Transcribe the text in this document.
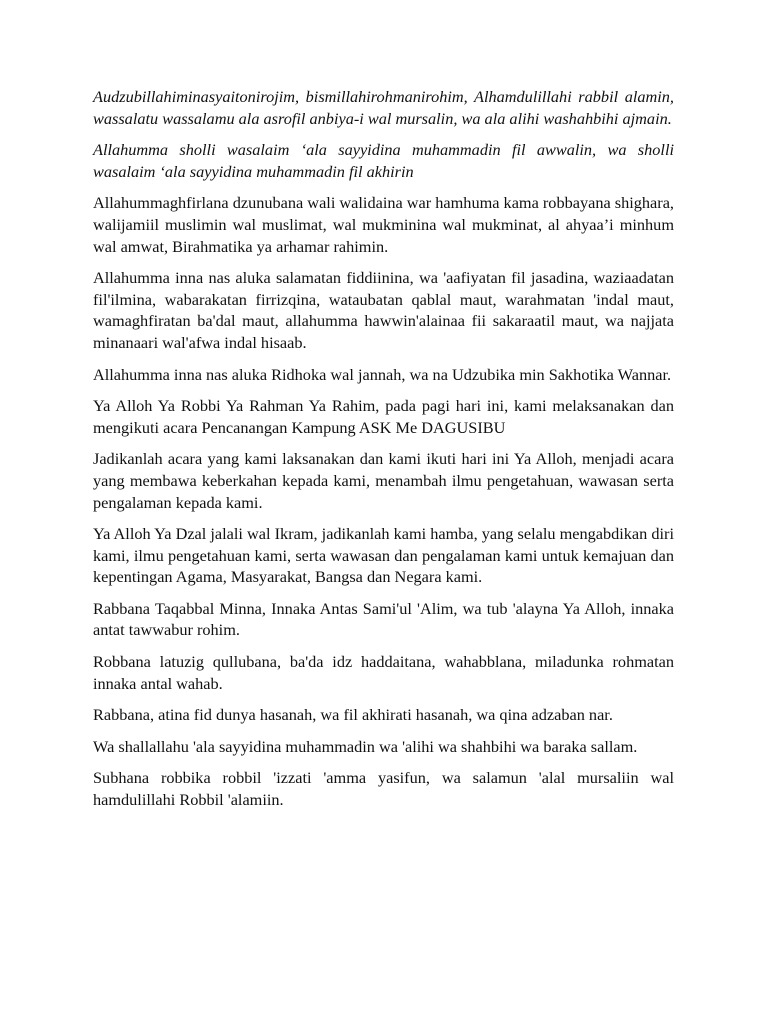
Audzubillahiminasyaitonirojim, bismillahirohmanirohim, Alhamdulillahi rabbil alamin, wassalatu wassalamu ala asrofil anbiya-i wal mursalin, wa ala alihi washahbihi ajmain.

Allahumma sholli wasalaim ‘ala sayyidina muhammadin fil awwalin, wa sholli wasalaim ‘ala sayyidina muhammadin fil akhirin

Allahummaghfirlana dzunubana wali walidaina war hamhuma kama robbayana shighara, walijamiil muslimin wal muslimat, wal mukminina wal mukminat, al ahyaa’i minhum wal amwat, Birahmatika ya arhamar rahimin.

Allahumma inna nas aluka salamatan fiddiinina, wa 'aafiyatan fil jasadina, waziaadatan fil'ilmina, wabarakatan firrizqina, wataubatan qablal maut, warahmatan 'indal maut, wamaghfiratan ba'dal maut, allahumma hawwin'alainaa fii sakaraatil maut, wa najjata minanaari wal'afwa indal hisaab.

Allahumma inna nas aluka Ridhoka wal jannah, wa na Udzubika min Sakhotika Wannar.

Ya Alloh Ya Robbi Ya Rahman Ya Rahim, pada pagi hari ini, kami melaksanakan dan mengikuti acara Pencanangan Kampung ASK Me DAGUSIBU

Jadikanlah acara yang kami laksanakan dan kami ikuti hari ini Ya Alloh, menjadi acara yang membawa keberkahan kepada kami, menambah ilmu pengetahuan, wawasan serta pengalaman kepada kami.

Ya Alloh Ya Dzal jalali wal Ikram, jadikanlah kami hamba, yang selalu mengabdikan diri kami, ilmu pengetahuan kami, serta wawasan dan pengalaman kami untuk kemajuan dan kepentingan Agama, Masyarakat, Bangsa dan Negara kami.

Rabbana Taqabbal Minna, Innaka Antas Sami'ul 'Alim, wa tub 'alayna Ya Alloh, innaka antat tawwabur rohim.

Robbana latuzig qullubana, ba'da idz haddaitana, wahabblana, miladunka rohmatan innaka antal wahab.

Rabbana, atina fid dunya hasanah, wa fil akhirati hasanah, wa qina adzaban nar.

Wa shallallahu 'ala sayyidina muhammadin wa 'alihi wa shahbihi wa baraka sallam.

Subhana robbika robbil 'izzati 'amma yasifun, wa salamun 'alal mursaliin wal hamdulillahi Robbil 'alamiin.
